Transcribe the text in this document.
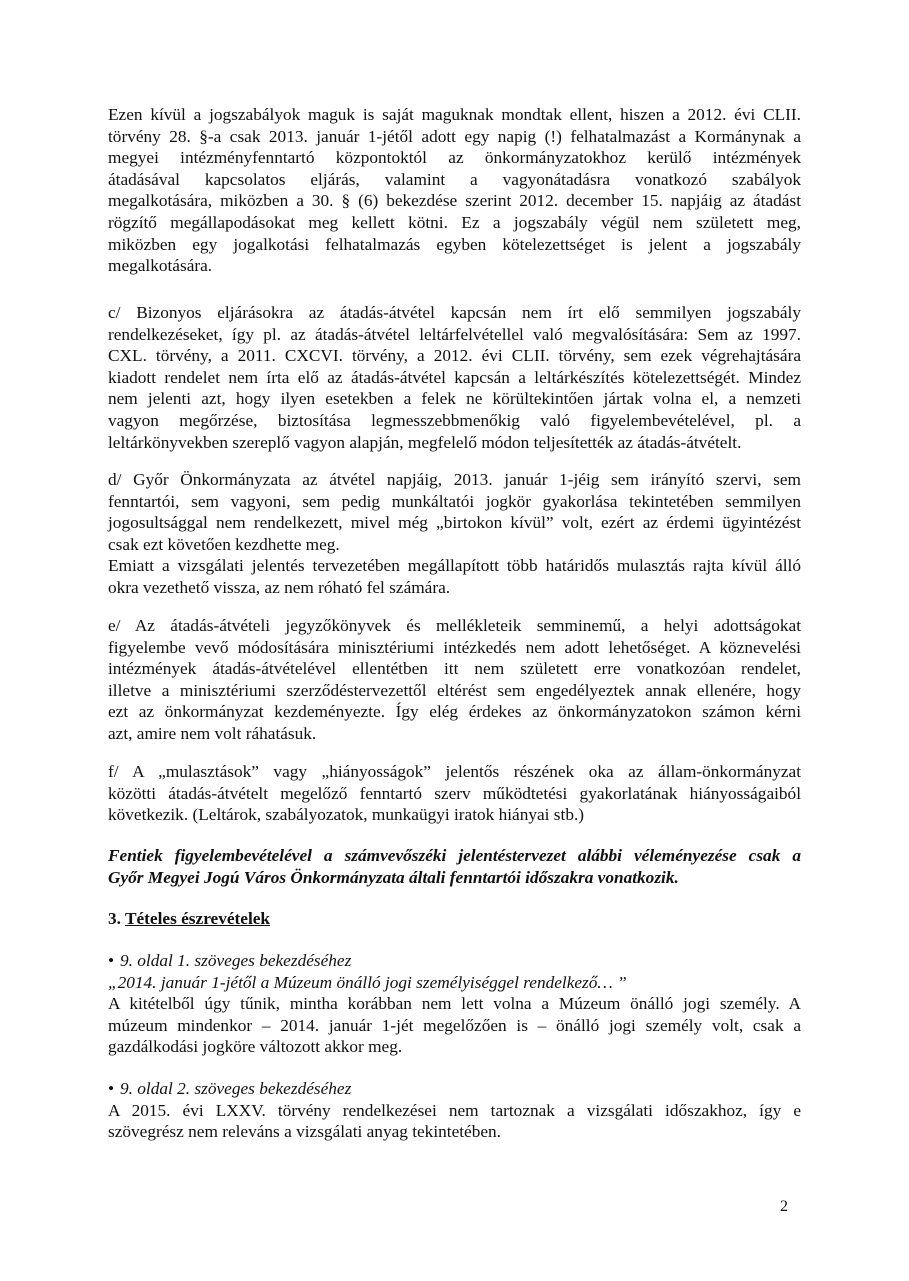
Ezen kívül a jogszabályok maguk is saját maguknak mondtak ellent, hiszen a 2012. évi CLII.
törvény 28. §-a csak 2013. január 1-jétől adott egy napig (!) felhatalmazást a Kormánynak a
megyei intézményfenntartó központoktól az önkormányzatokhoz kerülő intézmények
átadásával kapcsolatos eljárás, valamint a vagyonátadásra vonatkozó szabályok
megalkotására, miközben a 30. § (6) bekezdése szerint 2012. december 15. napjáig az átadást
rögzítő megállapodásokat meg kellett kötni. Ez a jogszabály végül nem született meg,
miközben egy jogalkotási felhatalmazás egyben kötelezettséget is jelent a jogszabály
megalkotására.
c/ Bizonyos eljárásokra az átadás-átvétel kapcsán nem írt elő semmilyen jogszabály
rendelkezéseket, így pl. az átadás-átvétel leltárfelvétellel való megvalósítására: Sem az 1997.
CXL. törvény, a 2011. CXCVI. törvény, a 2012. évi CLII. törvény, sem ezek végrehajtására
kiadott rendelet nem írta elő az átadás-átvétel kapcsán a leltárkészítés kötelezettségét. Mindez
nem jelenti azt, hogy ilyen esetekben a felek ne körültekintően jártak volna el, a nemzeti
vagyon megőrzése, biztosítása legmesszebbmenőkig való figyelembevételével, pl. a
leltárkönyvekben szereplő vagyon alapján, megfelelő módon teljesítették az átadás-átvételt.
d/ Győr Önkormányzata az átvétel napjáig, 2013. január 1-jéig sem irányító szervi, sem
fenntartói, sem vagyoni, sem pedig munkáltatói jogkör gyakorlása tekintetében semmilyen
jogosultsággal nem rendelkezett, mivel még „birtokon kívül” volt, ezért az érdemi ügyintézést
csak ezt követően kezdhette meg.
Emiatt a vizsgálati jelentés tervezetében megállapított több határidős mulasztás rajta kívül álló
okra vezethető vissza, az nem róható fel számára.
e/ Az átadás-átvételi jegyzőkönyvek és mellékleteik semminemű, a helyi adottságokat
figyelembe vevő módosítására minisztériumi intézkedés nem adott lehetőséget. A köznevelési
intézmények átadás-átvételével ellentétben itt nem született erre vonatkozóan rendelet,
illetve a minisztériumi szerződéstervezettől eltérést sem engedélyeztek annak ellenére, hogy
ezt az önkormányzat kezdeményezte. Így elég érdekes az önkormányzatokon számon kérni
azt, amire nem volt ráhatásuk.
f/ A „mulasztások” vagy „hiányosságok” jelentős részének oka az állam-önkormányzat
közötti átadás-átvételt megelőző fenntartó szerv működtetési gyakorlatának hiányosságaiból
következik. (Leltárok, szabályozatok, munkaügyi iratok hiányai stb.)
Fentiek figyelembevételével a számvevőszéki jelentéstervezet alábbi véleményezése csak a
Győr Megyei Jogú Város Önkormányzata általi fenntartói időszakra vonatkozik.
3. Tételes észrevételek
• 9. oldal 1. szöveges bekezdéséhez
„2014. január 1-jétől a Múzeum önálló jogi személyiséggel rendelkező… ”
A kitételből úgy tűnik, mintha korábban nem lett volna a Múzeum önálló jogi személy. A
múzeum mindenkor – 2014. január 1-jét megelőzően is – önálló jogi személy volt, csak a
gazdálkodási jogköre változott akkor meg.
• 9. oldal 2. szöveges bekezdéséhez
A 2015. évi LXXV. törvény rendelkezései nem tartoznak a vizsgálati időszakhoz, így e
szövegrész nem releváns a vizsgálati anyag tekintetében.
2
